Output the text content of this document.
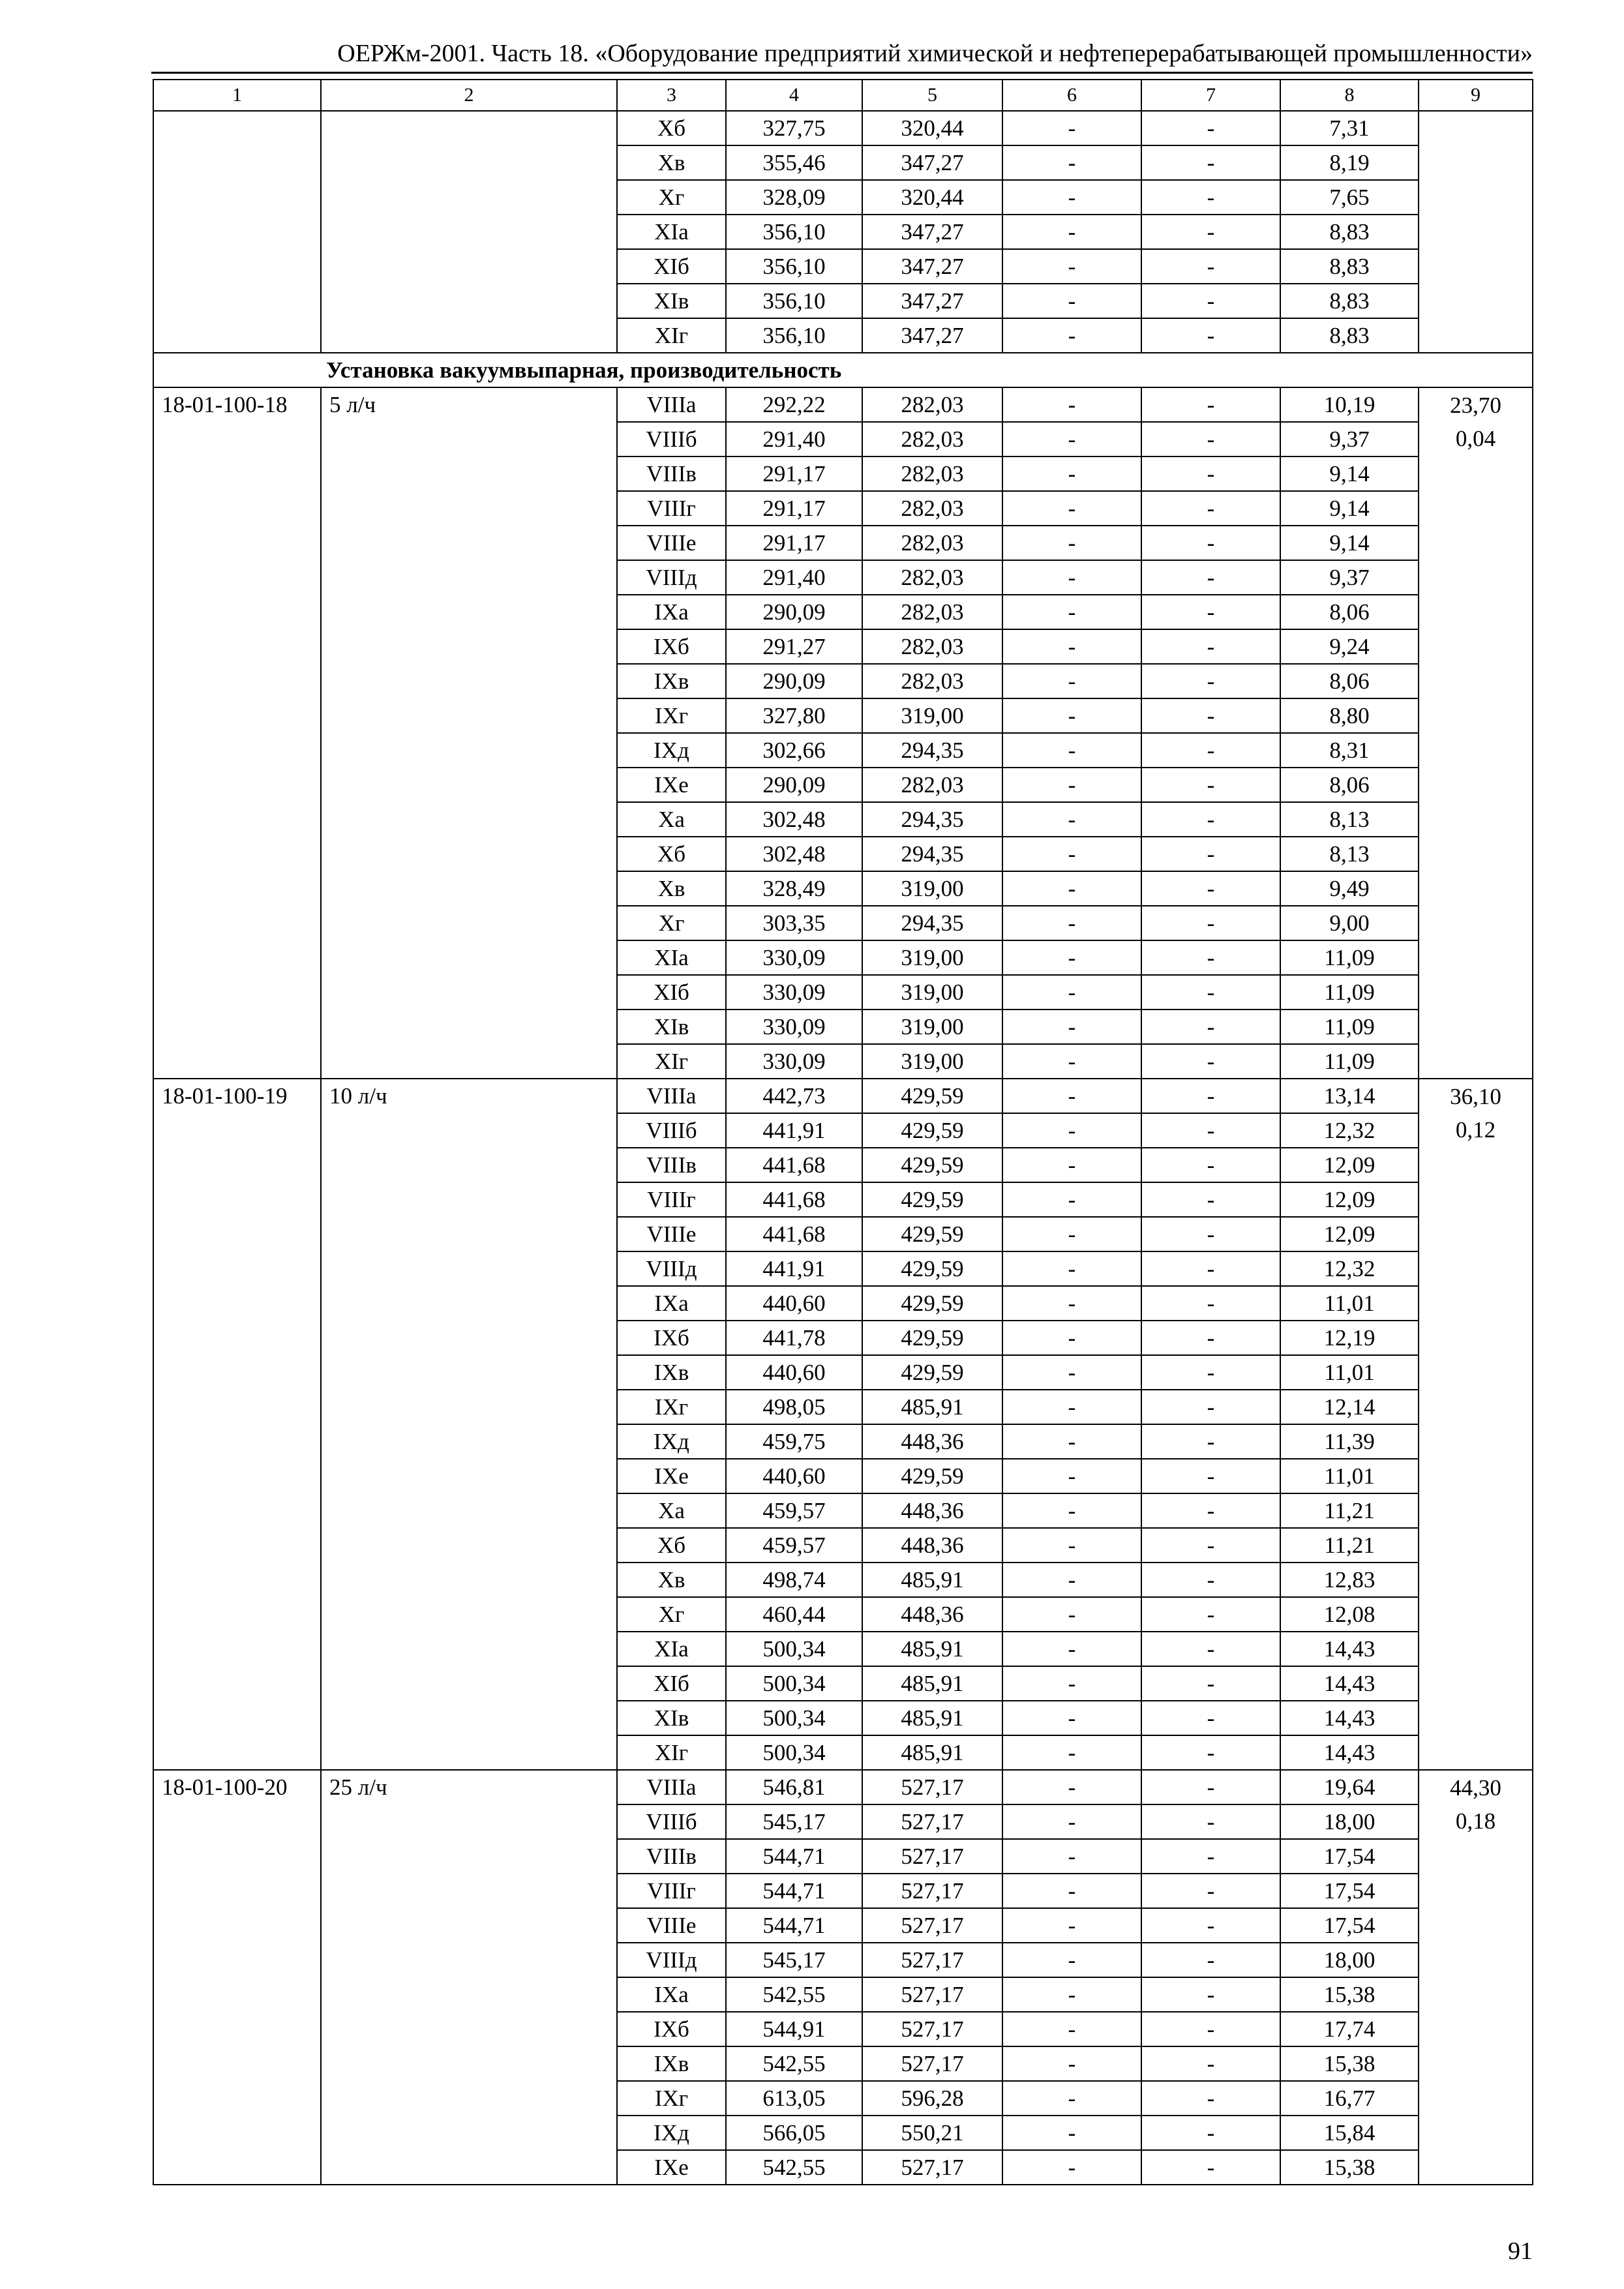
ОЕРЖм-2001. Часть 18. «Оборудование предприятий химической и нефтеперерабатывающей промышленности»
1	2	3	4	5	6	7	8	9
		Хб	327,75	320,44	-	-	7,31	
		Хв	355,46	347,27	-	-	8,19	
		Хг	328,09	320,44	-	-	7,65	
		ХIа	356,10	347,27	-	-	8,83	
		ХIб	356,10	347,27	-	-	8,83	
		ХIв	356,10	347,27	-	-	8,83	
		ХIг	356,10	347,27	-	-	8,83	
Установка вакуумвыпарная, производительность								
18-01-100-18	5 л/ч	VIIIа	292,22	282,03	-	-	10,19	23,70
		VIIIб	291,40	282,03	-	-	9,37	0,04
		VIIIв	291,17	282,03	-	-	9,14	
		VIIIг	291,17	282,03	-	-	9,14	
		VIIIе	291,17	282,03	-	-	9,14	
		VIIIд	291,40	282,03	-	-	9,37	
		IХа	290,09	282,03	-	-	8,06	
		IХб	291,27	282,03	-	-	9,24	
		IХв	290,09	282,03	-	-	8,06	
		IХг	327,80	319,00	-	-	8,80	
		IХд	302,66	294,35	-	-	8,31	
		IХе	290,09	282,03	-	-	8,06	
		Ха	302,48	294,35	-	-	8,13	
		Хб	302,48	294,35	-	-	8,13	
		Хв	328,49	319,00	-	-	9,49	
		Хг	303,35	294,35	-	-	9,00	
		ХIа	330,09	319,00	-	-	11,09	
		ХIб	330,09	319,00	-	-	11,09	
		ХIв	330,09	319,00	-	-	11,09	
		ХIг	330,09	319,00	-	-	11,09	
18-01-100-19	10 л/ч	VIIIа	442,73	429,59	-	-	13,14	36,10
		VIIIб	441,91	429,59	-	-	12,32	0,12
		VIIIв	441,68	429,59	-	-	12,09	
		VIIIг	441,68	429,59	-	-	12,09	
		VIIIе	441,68	429,59	-	-	12,09	
		VIIIд	441,91	429,59	-	-	12,32	
		IХа	440,60	429,59	-	-	11,01	
		IХб	441,78	429,59	-	-	12,19	
		IХв	440,60	429,59	-	-	11,01	
		IХг	498,05	485,91	-	-	12,14	
		IХд	459,75	448,36	-	-	11,39	
		IХе	440,60	429,59	-	-	11,01	
		Ха	459,57	448,36	-	-	11,21	
		Хб	459,57	448,36	-	-	11,21	
		Хв	498,74	485,91	-	-	12,83	
		Хг	460,44	448,36	-	-	12,08	
		ХIа	500,34	485,91	-	-	14,43	
		ХIб	500,34	485,91	-	-	14,43	
		ХIв	500,34	485,91	-	-	14,43	
		ХIг	500,34	485,91	-	-	14,43	
18-01-100-20	25 л/ч	VIIIа	546,81	527,17	-	-	19,64	44,30
		VIIIб	545,17	527,17	-	-	18,00	0,18
		VIIIв	544,71	527,17	-	-	17,54	
		VIIIг	544,71	527,17	-	-	17,54	
		VIIIе	544,71	527,17	-	-	17,54	
		VIIIд	545,17	527,17	-	-	18,00	
		IХа	542,55	527,17	-	-	15,38	
		IХб	544,91	527,17	-	-	17,74	
		IХв	542,55	527,17	-	-	15,38	
		IХг	613,05	596,28	-	-	16,77	
		IХд	566,05	550,21	-	-	15,84	
		IХе	542,55	527,17	-	-	15,38	
91
